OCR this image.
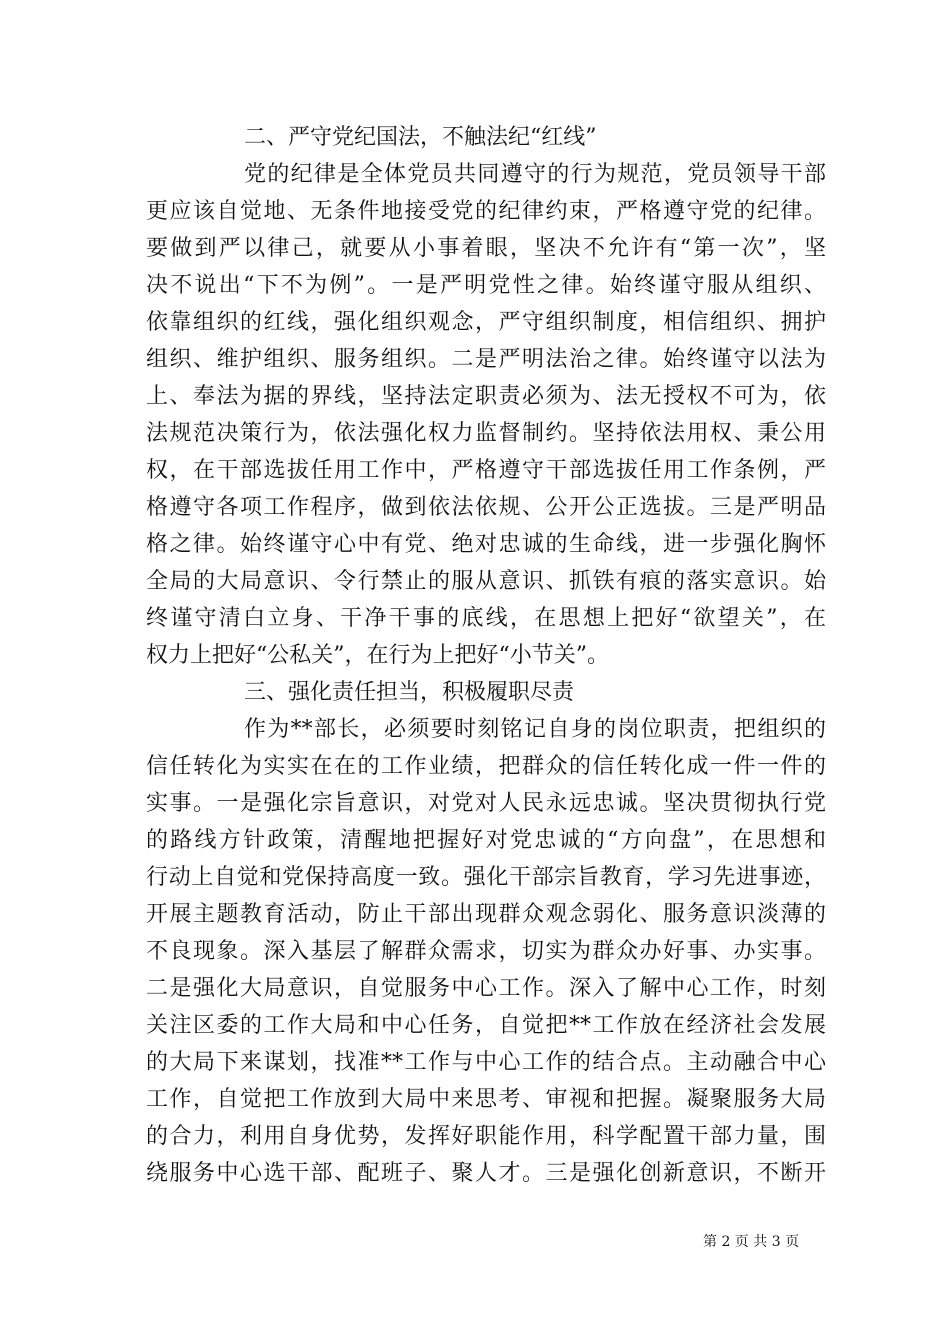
二、严守党纪国法，不触法纪“红线”
党的纪律是全体党员共同遵守的行为规范，党员领导干部
更应该自觉地、无条件地接受党的纪律约束，严格遵守党的纪律。
要做到严以律己，就要从小事着眼，坚决不允许有“第一次”，坚
决不说出“下不为例”。一是严明党性之律。始终谨守服从组织、
依靠组织的红线，强化组织观念，严守组织制度，相信组织、拥护
组织、维护组织、服务组织。二是严明法治之律。始终谨守以法为
上、奉法为据的界线，坚持法定职责必须为、法无授权不可为，依
法规范决策行为，依法强化权力监督制约。坚持依法用权、秉公用
权，在干部选拔任用工作中，严格遵守干部选拔任用工作条例，严
格遵守各项工作程序，做到依法依规、公开公正选拔。三是严明品
格之律。始终谨守心中有党、绝对忠诚的生命线，进一步强化胸怀
全局的大局意识、令行禁止的服从意识、抓铁有痕的落实意识。始
终谨守清白立身、干净干事的底线，在思想上把好“欲望关”，在
权力上把好“公私关”，在行为上把好“小节关”。
三、强化责任担当，积极履职尽责
作为**部长，必须要时刻铭记自身的岗位职责，把组织的
信任转化为实实在在的工作业绩，把群众的信任转化成一件一件的
实事。一是强化宗旨意识，对党对人民永远忠诚。坚决贯彻执行党
的路线方针政策，清醒地把握好对党忠诚的“方向盘”，在思想和
行动上自觉和党保持高度一致。强化干部宗旨教育，学习先进事迹，
开展主题教育活动，防止干部出现群众观念弱化、服务意识淡薄的
不良现象。深入基层了解群众需求，切实为群众办好事、办实事。
二是强化大局意识，自觉服务中心工作。深入了解中心工作，时刻
关注区委的工作大局和中心任务，自觉把**工作放在经济社会发展
的大局下来谋划，找准**工作与中心工作的结合点。主动融合中心
工作，自觉把工作放到大局中来思考、审视和把握。凝聚服务大局
的合力，利用自身优势，发挥好职能作用，科学配置干部力量，围
绕服务中心选干部、配班子、聚人才。三是强化创新意识，不断开
第 2 页 共 3 页
